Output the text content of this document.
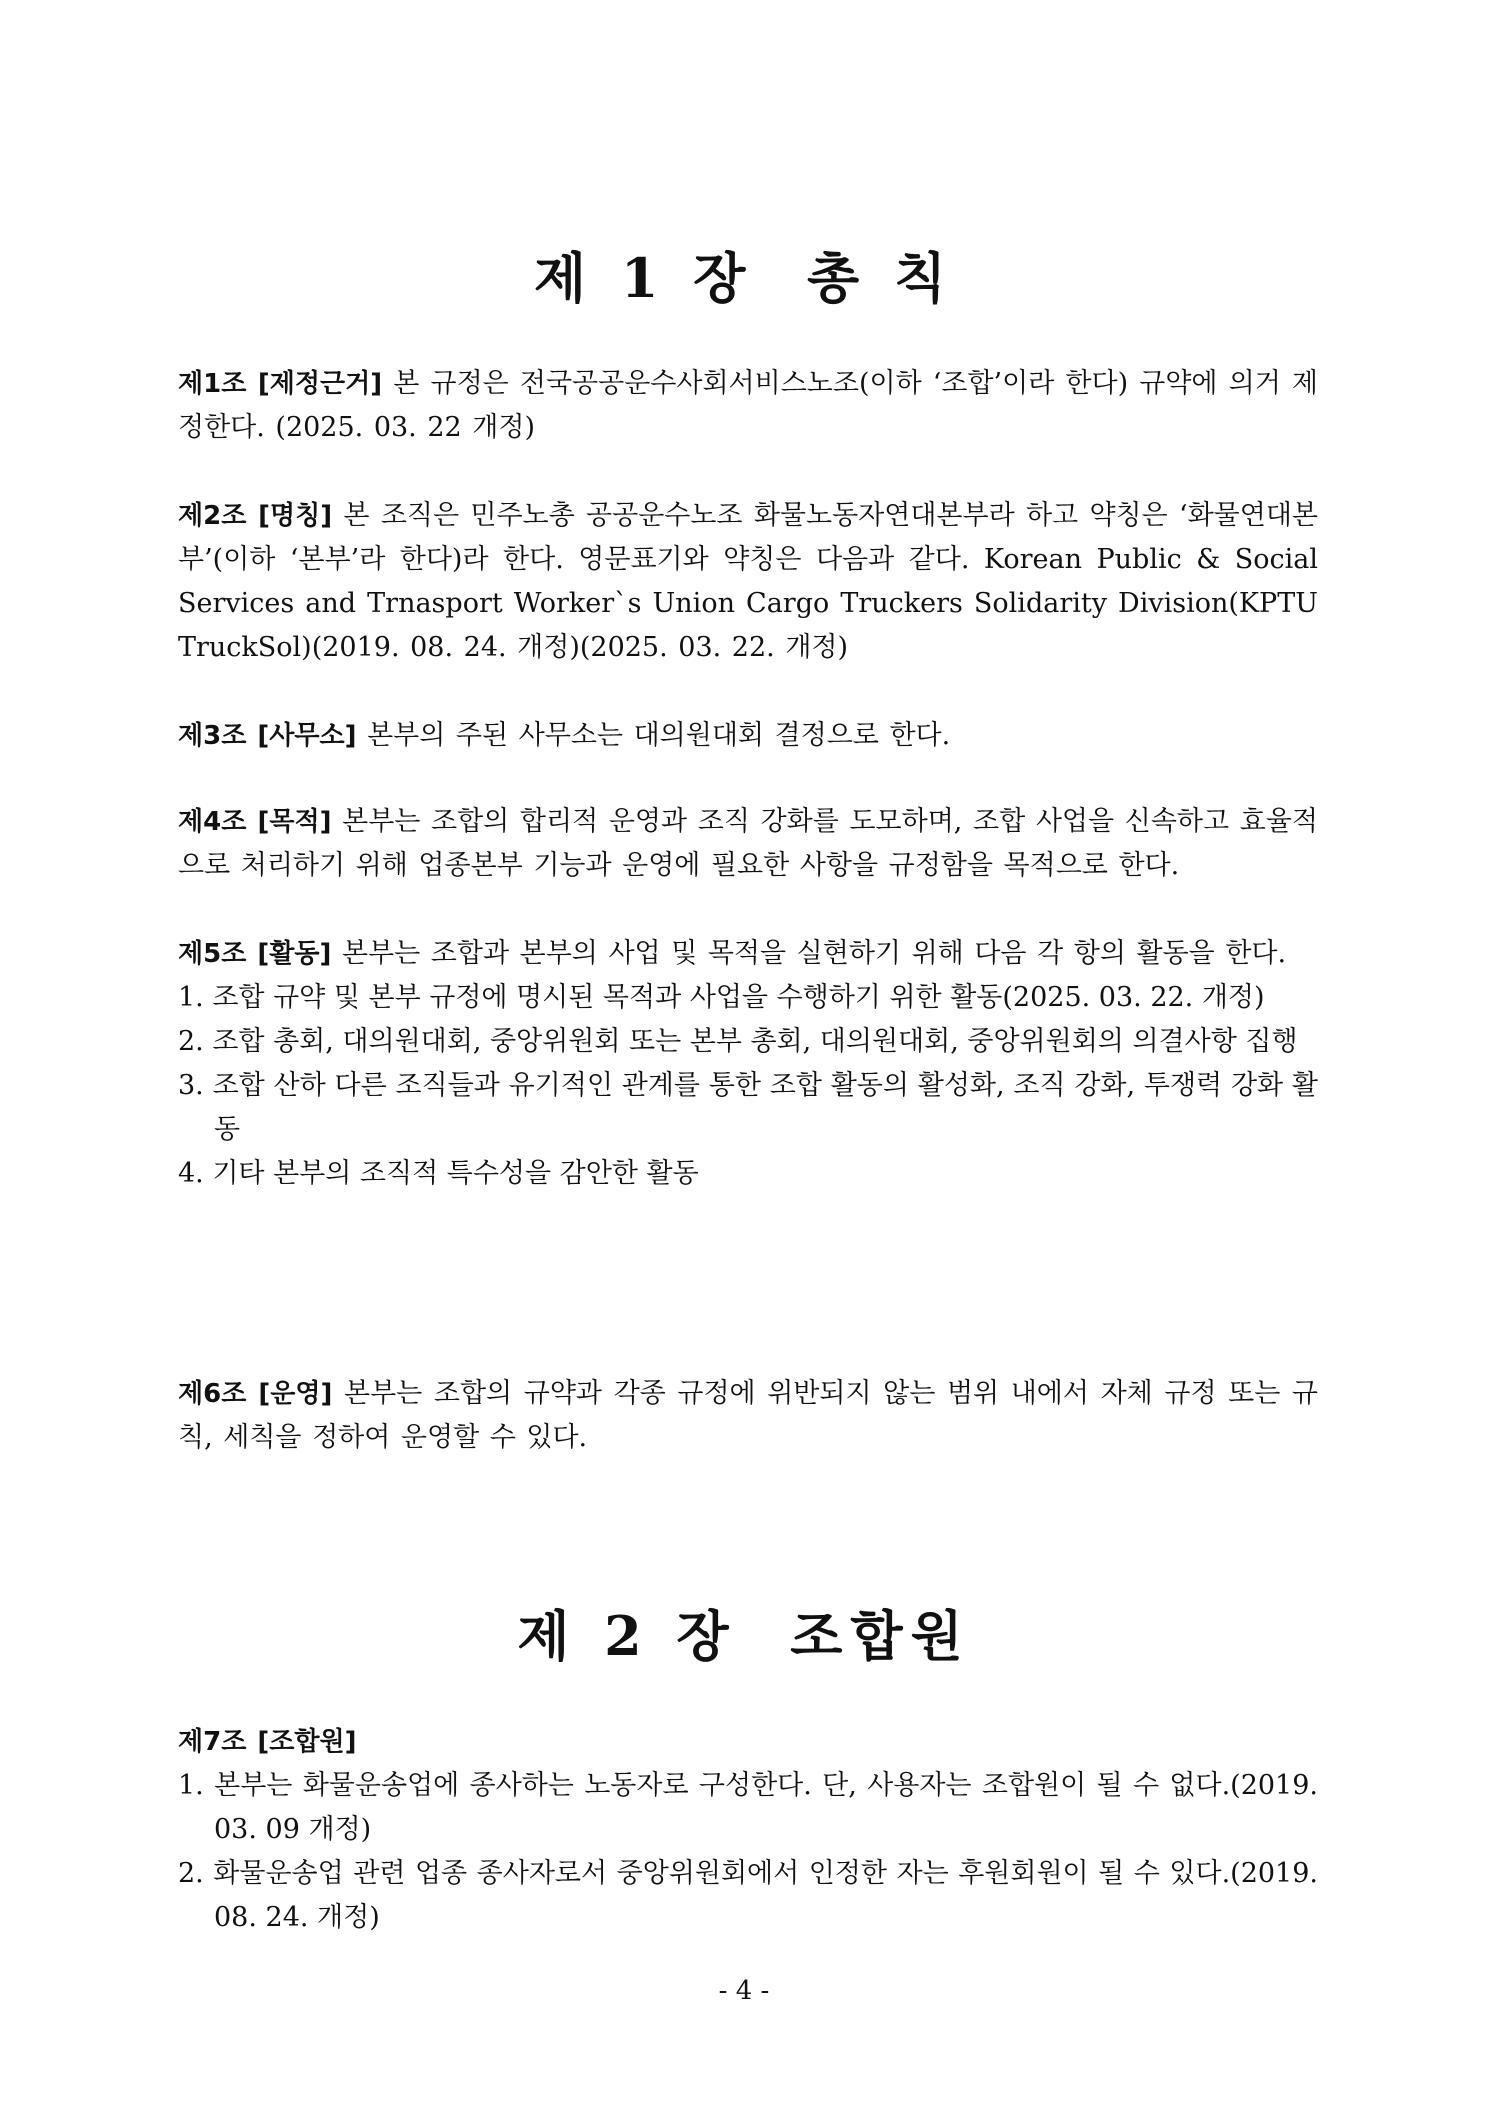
제 1 장  총 칙

제1조 [제정근거] 본 규정은 전국공공운수사회서비스노조(이하 ‘조합’이라 한다) 규약에 의거 제정한다. (2025. 03. 22 개정)

제2조 [명칭] 본 조직은 민주노총 공공운수노조 화물노동자연대본부라 하고 약칭은 ‘화물연대본부’(이하 ‘본부’라 한다)라 한다. 영문표기와 약칭은 다음과 같다. Korean Public & Social Services and Trnasport Worker`s Union Cargo Truckers Solidarity Division(KPTU TruckSol)(2019. 08. 24. 개정)(2025. 03. 22. 개정)

제3조 [사무소] 본부의 주된 사무소는 대의원대회 결정으로 한다.

제4조 [목적] 본부는 조합의 합리적 운영과 조직 강화를 도모하며, 조합 사업을 신속하고 효율적으로 처리하기 위해 업종본부 기능과 운영에 필요한 사항을 규정함을 목적으로 한다.

제5조 [활동] 본부는 조합과 본부의 사업 및 목적을 실현하기 위해 다음 각 항의 활동을 한다.

1. 조합 규약 및 본부 규정에 명시된 목적과 사업을 수행하기 위한 활동(2025. 03. 22. 개정)
2. 조합 총회, 대의원대회, 중앙위원회 또는 본부 총회, 대의원대회, 중앙위원회의 의결사항 집행
3. 조합 산하 다른 조직들과 유기적인 관계를 통한 조합 활동의 활성화, 조직 강화, 투쟁력 강화 활동
4. 기타 본부의 조직적 특수성을 감안한 활동

제6조 [운영] 본부는 조합의 규약과 각종 규정에 위반되지 않는 범위 내에서 자체 규정 또는 규칙, 세칙을 정하여 운영할 수 있다.

제 2 장  조합원

제7조 [조합원]

1. 본부는 화물운송업에 종사하는 노동자로 구성한다. 단, 사용자는 조합원이 될 수 없다.(2019. 03. 09 개정)
2. 화물운송업 관련 업종 종사자로서 중앙위원회에서 인정한 자는 후원회원이 될 수 있다.(2019. 08. 24. 개정)

- 4 -
